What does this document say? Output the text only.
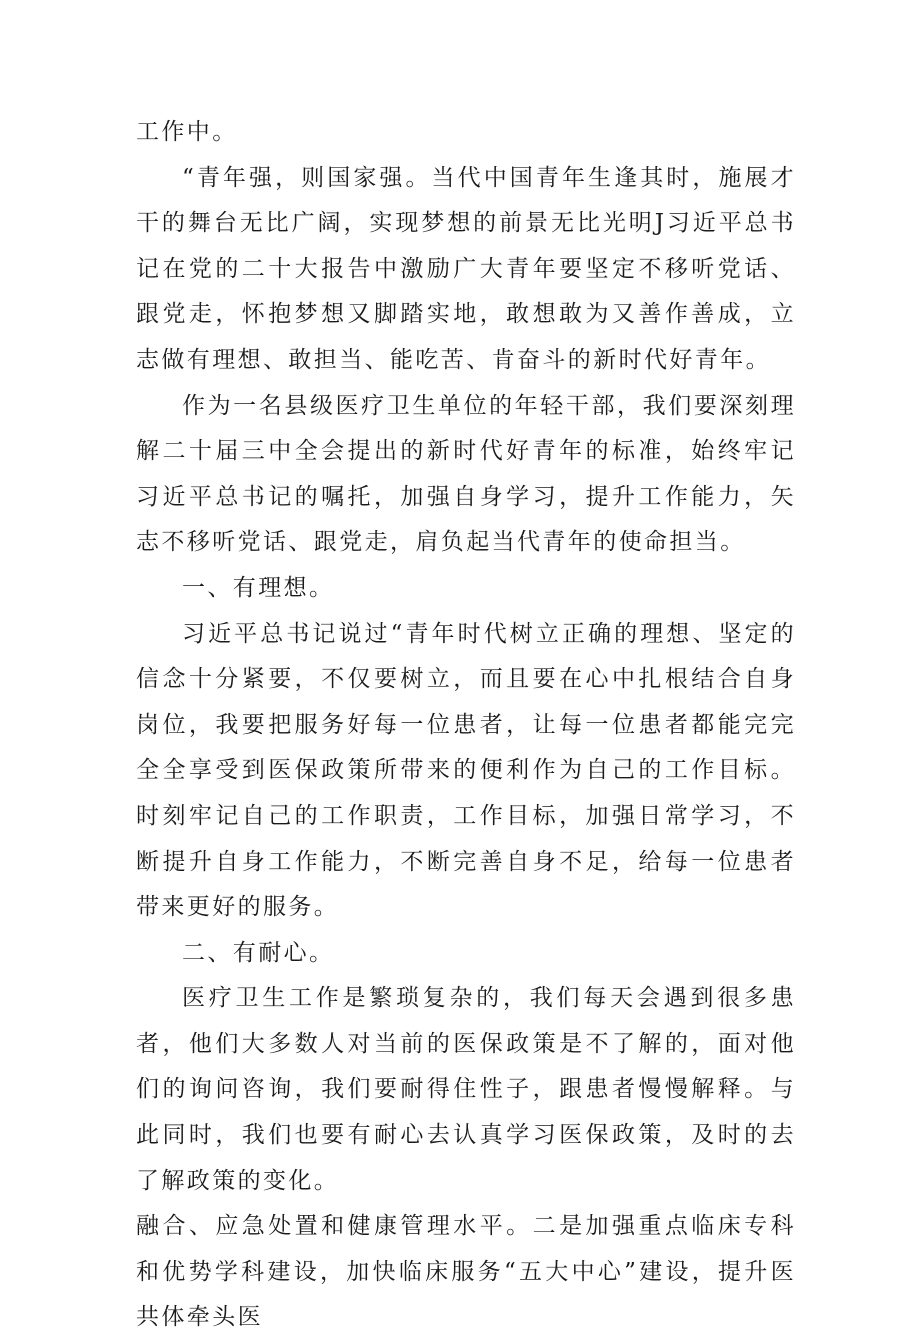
工作中。

“青年强，则国家强。当代中国青年生逢其时，施展才干的舞台无比广阔，实现梦想的前景无比光明J习近平总书记在党的二十大报告中激励广大青年要坚定不移听党话、跟党走，怀抱梦想又脚踏实地，敢想敢为又善作善成，立志做有理想、敢担当、能吃苦、肯奋斗的新时代好青年。

作为一名县级医疗卫生单位的年轻干部，我们要深刻理解二十届三中全会提出的新时代好青年的标准，始终牢记习近平总书记的嘱托，加强自身学习，提升工作能力，矢志不移听党话、跟党走，肩负起当代青年的使命担当。

一、有理想。

习近平总书记说过“青年时代树立正确的理想、坚定的信念十分紧要，不仅要树立，而且要在心中扎根结合自身岗位，我要把服务好每一位患者，让每一位患者都能完完全全享受到医保政策所带来的便利作为自己的工作目标。时刻牢记自己的工作职责，工作目标，加强日常学习，不断提升自身工作能力，不断完善自身不足，给每一位患者带来更好的服务。

二、有耐心。

医疗卫生工作是繁琐复杂的，我们每天会遇到很多患者，他们大多数人对当前的医保政策是不了解的，面对他们的询问咨询，我们要耐得住性子，跟患者慢慢解释。与此同时，我们也要有耐心去认真学习医保政策，及时的去了解政策的变化。

融合、应急处置和健康管理水平。二是加强重点临床专科和优势学科建设，加快临床服务“五大中心”建设，提升医共体牵头医
